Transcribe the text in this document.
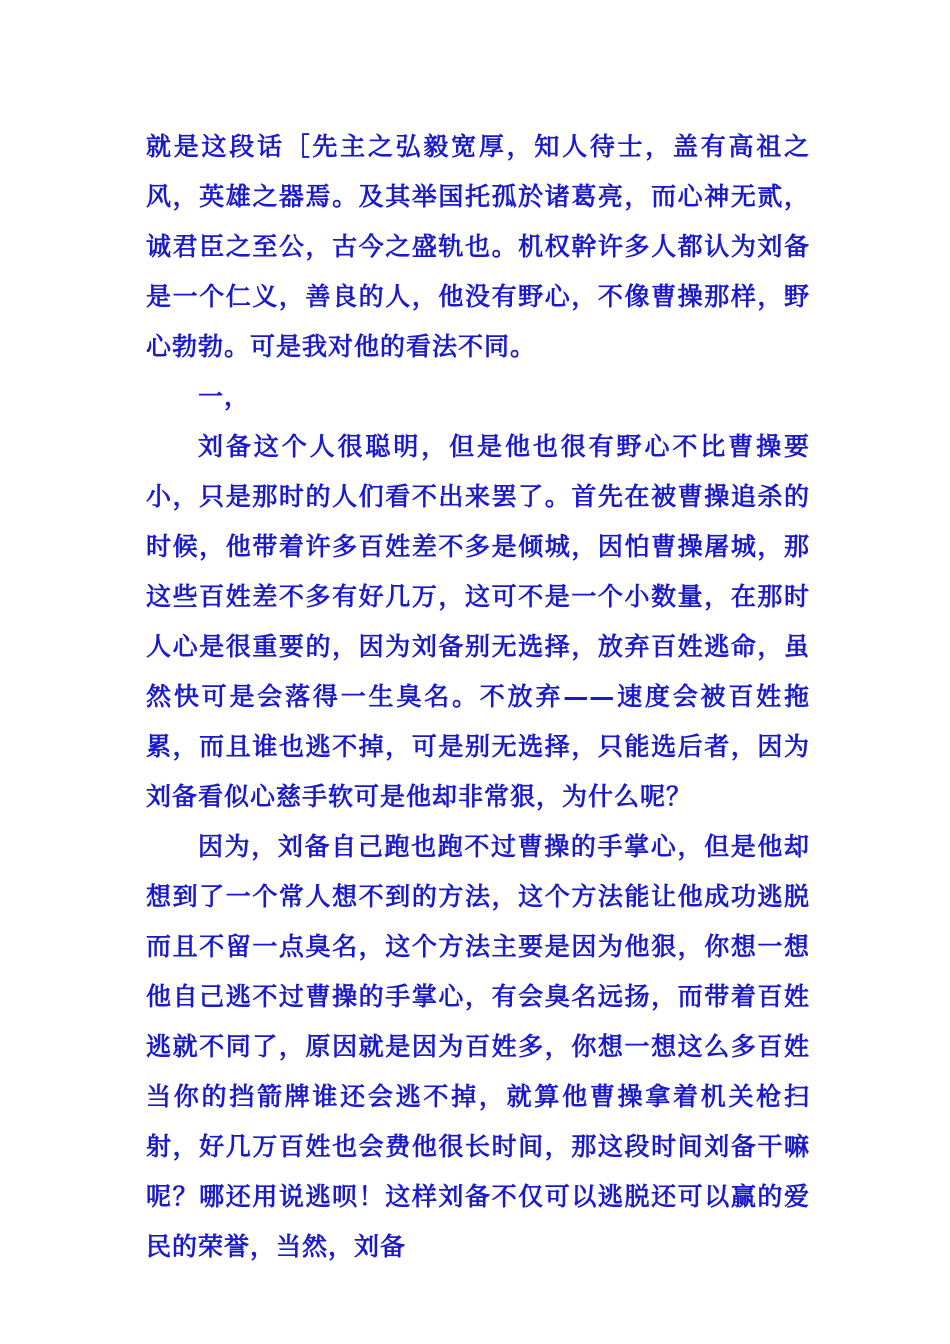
就是这段话［先主之弘毅宽厚，知人待士，盖有高祖之风，英雄之器焉。及其举国托孤於诸葛亮，而心神无贰，诚君臣之至公，古今之盛轨也。机权幹许多人都认为刘备是一个仁义，善良的人，他没有野心，不像曹操那样，野心勃勃。可是我对他的看法不同。

一，

刘备这个人很聪明，但是他也很有野心不比曹操要小，只是那时的人们看不出来罢了。首先在被曹操追杀的时候，他带着许多百姓差不多是倾城，因怕曹操屠城，那这些百姓差不多有好几万，这可不是一个小数量，在那时人心是很重要的，因为刘备别无选择，放弃百姓逃命，虽然快可是会落得一生臭名。不放弃——速度会被百姓拖累，而且谁也逃不掉，可是别无选择，只能选后者，因为刘备看似心慈手软可是他却非常狠，为什么呢？

因为，刘备自己跑也跑不过曹操的手掌心，但是他却想到了一个常人想不到的方法，这个方法能让他成功逃脱而且不留一点臭名，这个方法主要是因为他狠，你想一想他自己逃不过曹操的手掌心，有会臭名远扬，而带着百姓逃就不同了，原因就是因为百姓多，你想一想这么多百姓当你的挡箭牌谁还会逃不掉，就算他曹操拿着机关枪扫射，好几万百姓也会费他很长时间，那这段时间刘备干嘛呢？哪还用说逃呗！这样刘备不仅可以逃脱还可以赢的爱民的荣誉，当然，刘备
